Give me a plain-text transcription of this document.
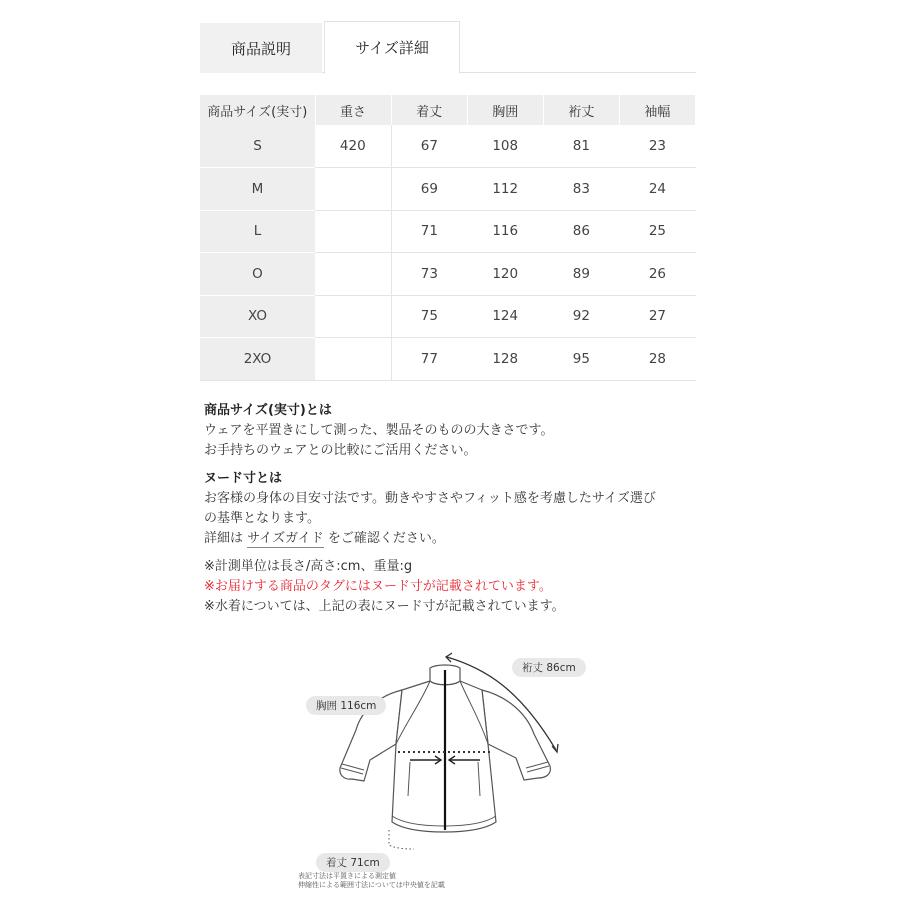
商品説明	サイズ詳細
商品サイズ(実寸)	重さ	着丈	胸囲	裄丈	袖幅
S	420	67	108	81	23
M		69	112	83	24
L		71	116	86	25
O		73	120	89	26
XO		75	124	92	27
2XO		77	128	95	28
商品サイズ(実寸)とは
ウェアを平置きにして測った、製品そのものの大きさです。
お手持ちのウェアとの比較にご活用ください。
ヌード寸とは
お客様の身体の目安寸法です。動きやすさやフィット感を考慮したサイズ選び
の基準となります。
詳細は サイズガイド をご確認ください。
※計測単位は長さ/高さ:cm、重量:g
※お届けする商品のタグにはヌード寸が記載されています。
※水着については、上記の表にヌード寸が記載されています。
胸囲 116cm
裄丈 86cm
着丈 71cm
表記寸法は平置きによる測定値
伸縮性による範囲寸法については中央値を記載
